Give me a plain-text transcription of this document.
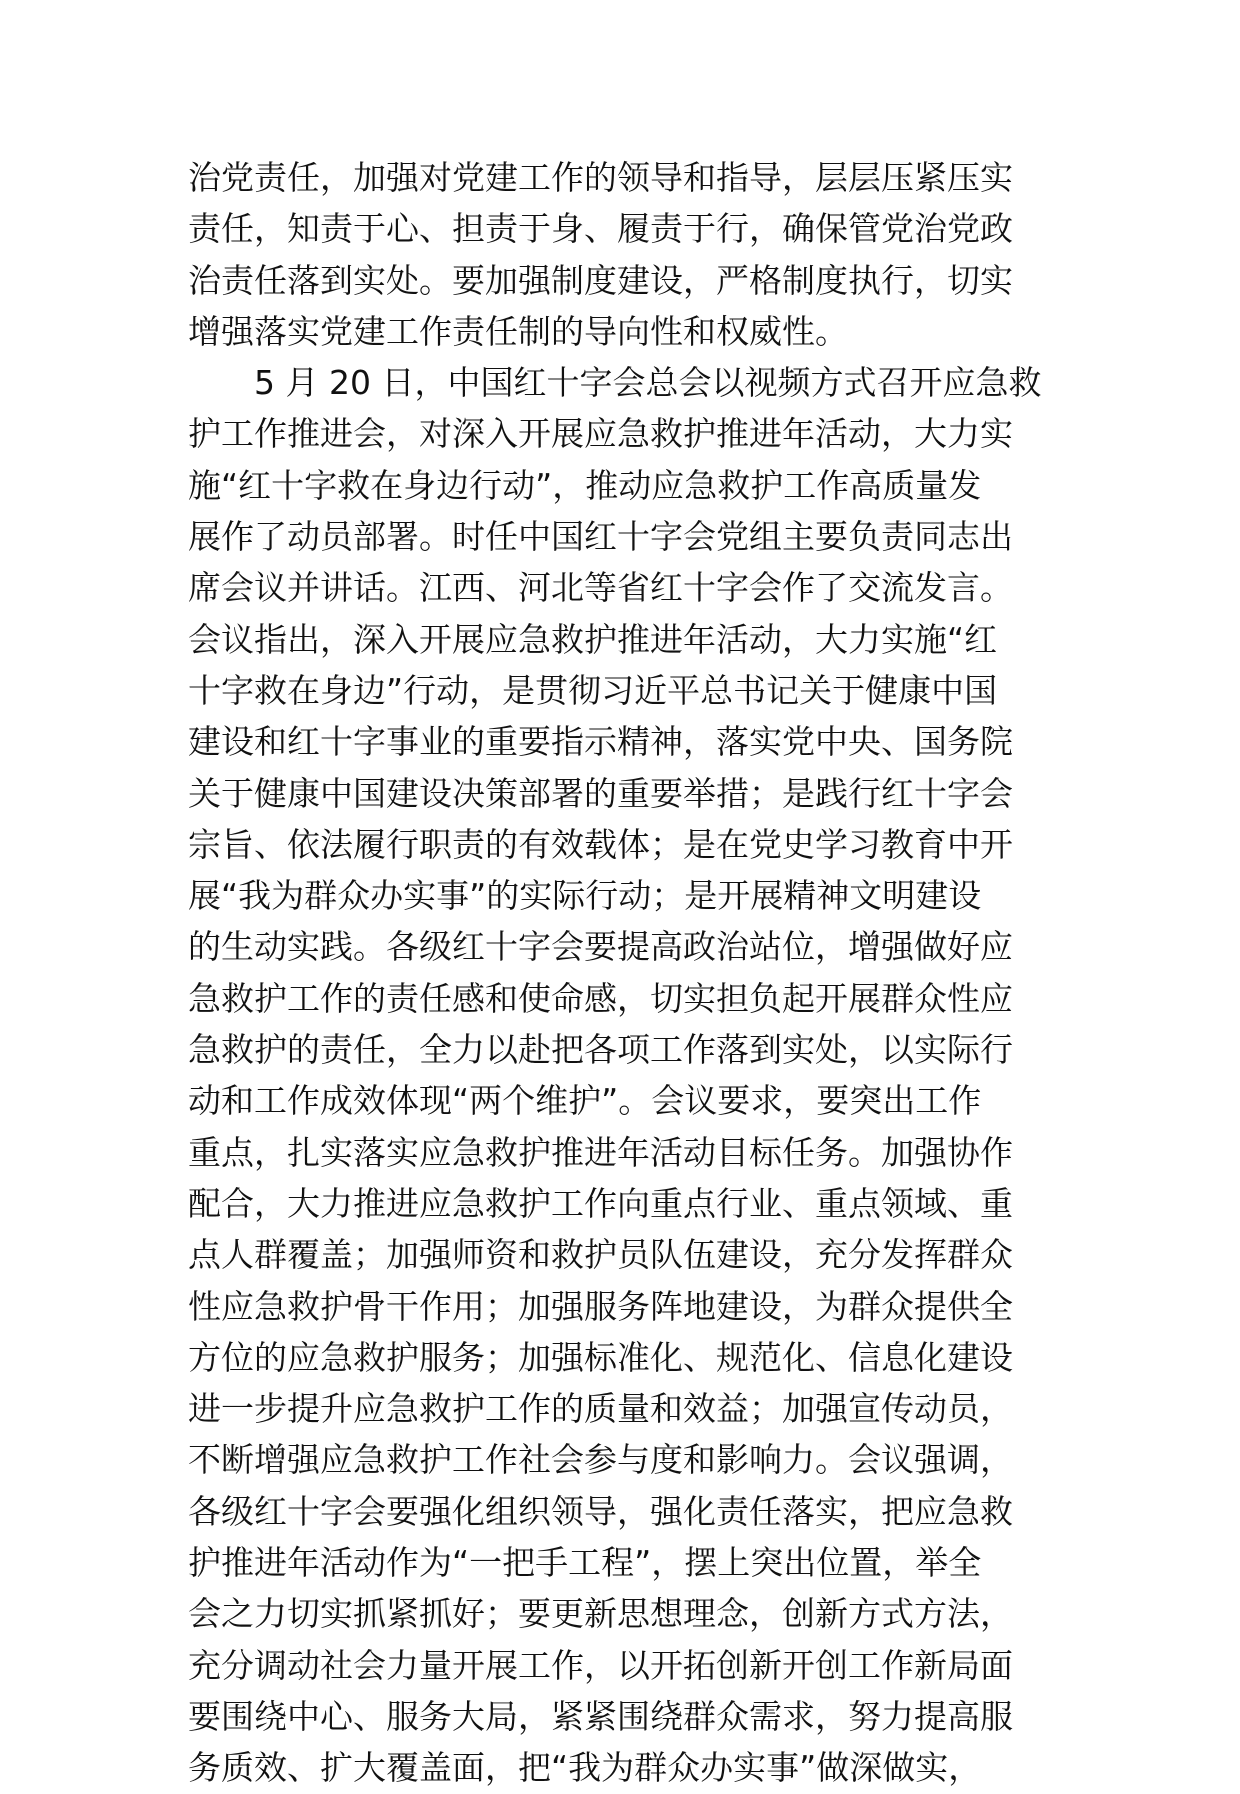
治党责任，加强对党建工作的领导和指导，层层压紧压实
责任，知责于心、担责于身、履责于行，确保管党治党政
治责任落到实处。要加强制度建设，严格制度执行，切实
增强落实党建工作责任制的导向性和权威性。
5 月 20 日，中国红十字会总会以视频方式召开应急救
护工作推进会，对深入开展应急救护推进年活动，大力实
施“红十字救在身边行动”，推动应急救护工作高质量发
展作了动员部署。时任中国红十字会党组主要负责同志出
席会议并讲话。江西、河北等省红十字会作了交流发言。
会议指出，深入开展应急救护推进年活动，大力实施“红
十字救在身边”行动，是贯彻习近平总书记关于健康中国
建设和红十字事业的重要指示精神，落实党中央、国务院
关于健康中国建设决策部署的重要举措；是践行红十字会
宗旨、依法履行职责的有效载体；是在党史学习教育中开
展“我为群众办实事”的实际行动；是开展精神文明建设
的生动实践。各级红十字会要提高政治站位，增强做好应
急救护工作的责任感和使命感，切实担负起开展群众性应
急救护的责任，全力以赴把各项工作落到实处，以实际行
动和工作成效体现“两个维护”。会议要求，要突出工作
重点，扎实落实应急救护推进年活动目标任务。加强协作
配合，大力推进应急救护工作向重点行业、重点领域、重
点人群覆盖；加强师资和救护员队伍建设，充分发挥群众
性应急救护骨干作用；加强服务阵地建设，为群众提供全
方位的应急救护服务；加强标准化、规范化、信息化建设
进一步提升应急救护工作的质量和效益；加强宣传动员，
不断增强应急救护工作社会参与度和影响力。会议强调，
各级红十字会要强化组织领导，强化责任落实，把应急救
护推进年活动作为“一把手工程”，摆上突出位置，举全
会之力切实抓紧抓好；要更新思想理念，创新方式方法，
充分调动社会力量开展工作，以开拓创新开创工作新局面
要围绕中心、服务大局，紧紧围绕群众需求，努力提高服
务质效、扩大覆盖面，把“我为群众办实事”做深做实，
